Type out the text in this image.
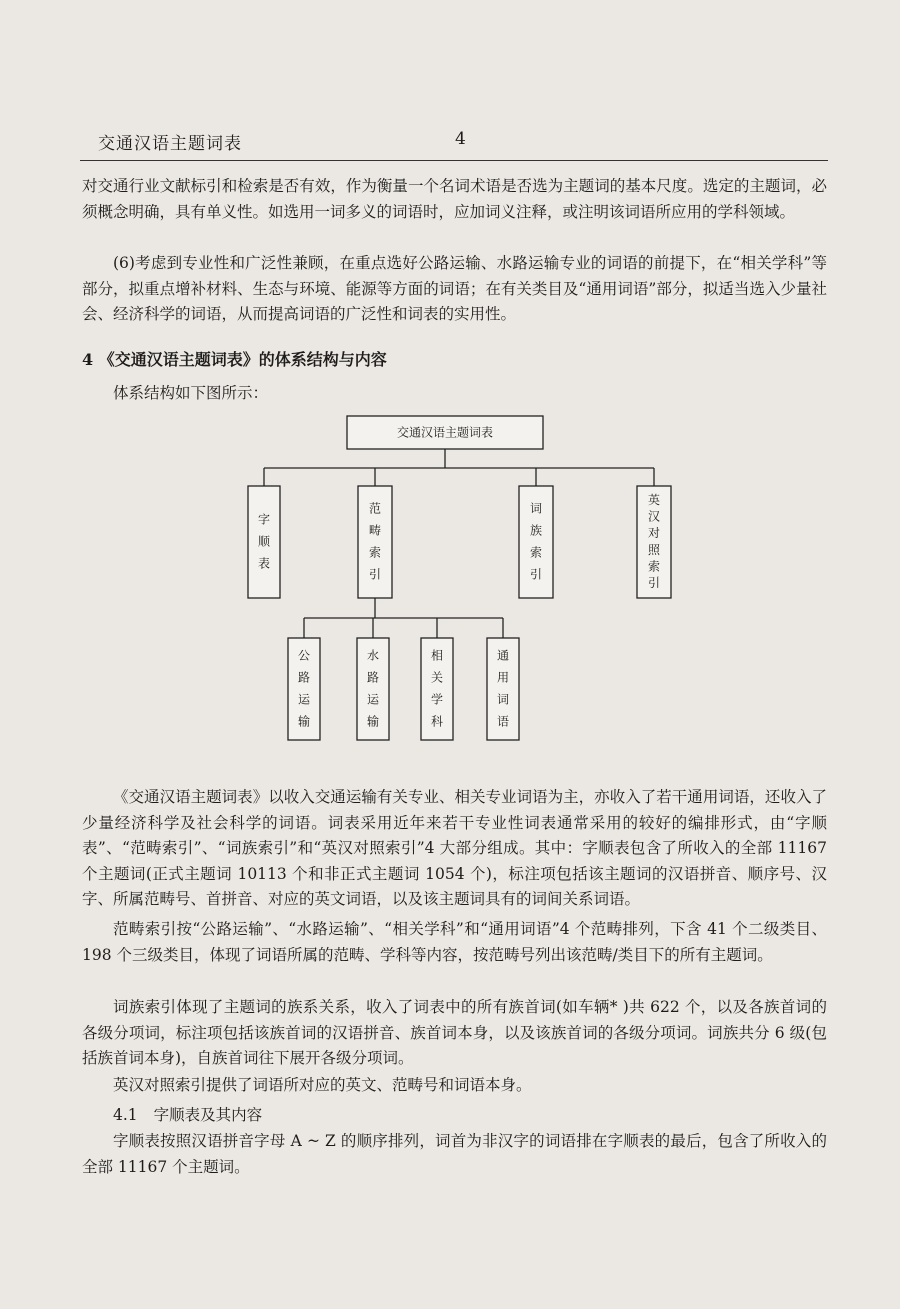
交通汉语主题词表	4

对交通行业文献标引和检索是否有效，作为衡量一个名词术语是否选为主题词的基本尺度。选定的主题词，必须概念明确，具有单义性。如选用一词多义的词语时，应加词义注释，或注明该词语所应用的学科领域。

(6)考虑到专业性和广泛性兼顾，在重点选好公路运输、水路运输专业的词语的前提下，在“相关学科”等部分，拟重点增补材料、生态与环境、能源等方面的词语；在有关类目及“通用词语”部分，拟适当选入少量社会、经济科学的词语，从而提高词语的广泛性和词表的实用性。

4 《交通汉语主题词表》的体系结构与内容

体系结构如下图所示：

交通汉语主题词表
字
顺
表
范
畴
索
引
词
族
索
引
英
汉
对
照
索
引
公
路
运
输
水
路
运
输
相
关
学
科
通
用
词
语

《交通汉语主题词表》以收入交通运输有关专业、相关专业词语为主，亦收入了若干通用词语，还收入了少量经济科学及社会科学的词语。词表采用近年来若干专业性词表通常采用的较好的编排形式，由“字顺表”、“范畴索引”、“词族索引”和“英汉对照索引”4 大部分组成。其中：字顺表包含了所收入的全部 11167 个主题词(正式主题词 10113 个和非正式主题词 1054 个)，标注项包括该主题词的汉语拼音、顺序号、汉字、所属范畴号、首拼音、对应的英文词语，以及该主题词具有的词间关系词语。

范畴索引按“公路运输”、“水路运输”、“相关学科”和“通用词语”4 个范畴排列，下含 41 个二级类目、198 个三级类目，体现了词语所属的范畴、学科等内容，按范畴号列出该范畴/类目下的所有主题词。

词族索引体现了主题词的族系关系，收入了词表中的所有族首词(如车辆* )共 622 个，以及各族首词的各级分项词，标注项包括该族首词的汉语拼音、族首词本身，以及该族首词的各级分项词。词族共分 6 级(包括族首词本身)，自族首词往下展开各级分项词。

英汉对照索引提供了词语所对应的英文、范畴号和词语本身。

4.1 字顺表及其内容

字顺表按照汉语拼音字母 A ~ Z 的顺序排列，词首为非汉字的词语排在字顺表的最后，包含了所收入的全部 11167 个主题词。
